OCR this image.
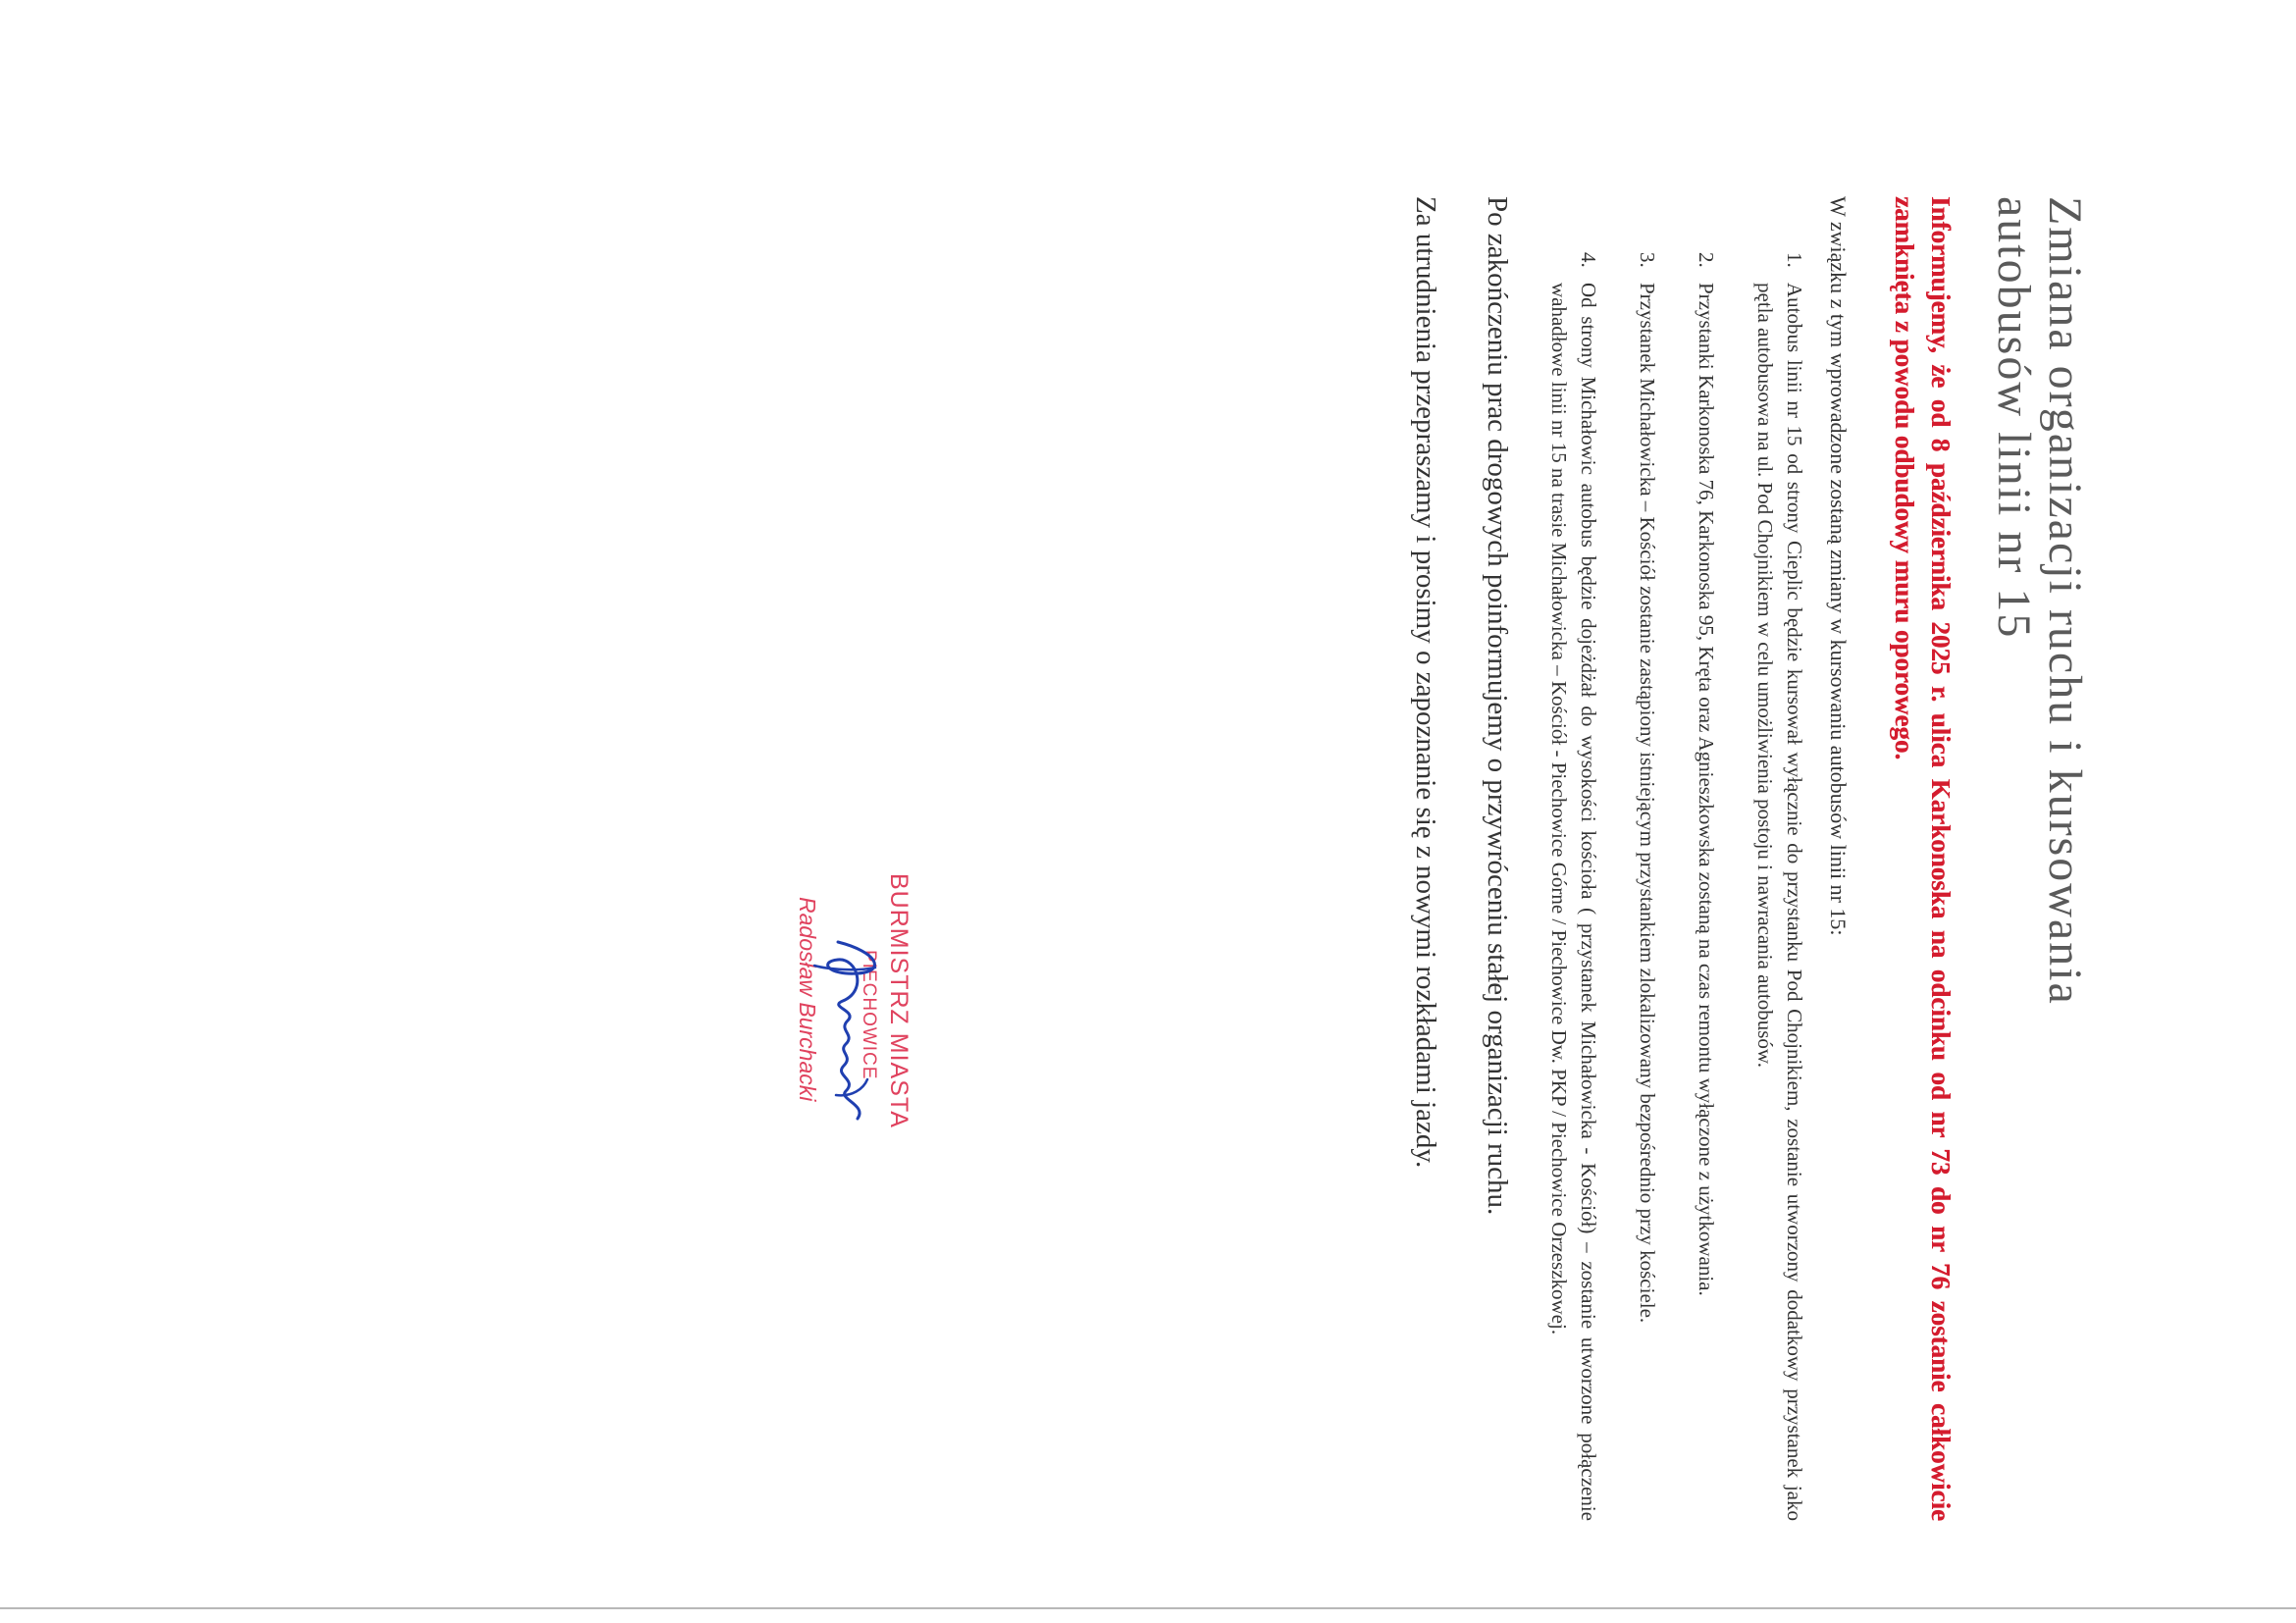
Zmiana organizacji ruchu i kursowania
autobusów linii nr 15

Informujemy, że od 8 października 2025 r. ulica Karkonoska na odcinku od nr 73 do nr 76 zostanie całkowicie zamknięta z powodu odbudowy muru oporowego.

W związku z tym wprowadzone zostaną zmiany w kursowaniu autobusów linii nr 15:

1. Autobus linii nr 15 od strony Cieplic będzie kursował wyłącznie do przystanku Pod Chojnikiem, zostanie utworzony dodatkowy przystanek jako pętla autobusowa na ul. Pod Chojnikiem w celu umożliwienia postoju i nawracania autobusów.
2. Przystanki Karkonoska 76, Karkonoska 95, Kręta oraz Agnieszkowska zostaną na czas remontu wyłączone z użytkowania.
3. Przystanek Michałowicka – Kościół zostanie zastąpiony istniejącym przystankiem zlokalizowany bezpośrednio przy kościele.
4. Od strony Michałowic autobus będzie dojeżdżał do wysokości kościoła ( przystanek Michałowicka - Kościół) – zostanie utworzone połączenie wahadłowe linii nr 15 na trasie Michałowicka – Kościół - Piechowice Górne / Piechowice Dw. PKP / Piechowice Orzeszkowej.

Po zakończeniu prac drogowych poinformujemy o przywróceniu stałej organizacji ruchu.

Za utrudnienia przepraszamy i prosimy o zapoznanie się z nowymi rozkładami jazdy.

BURMISTRZ MIASTA
PIECHOWICE
Radosław Burchacki
